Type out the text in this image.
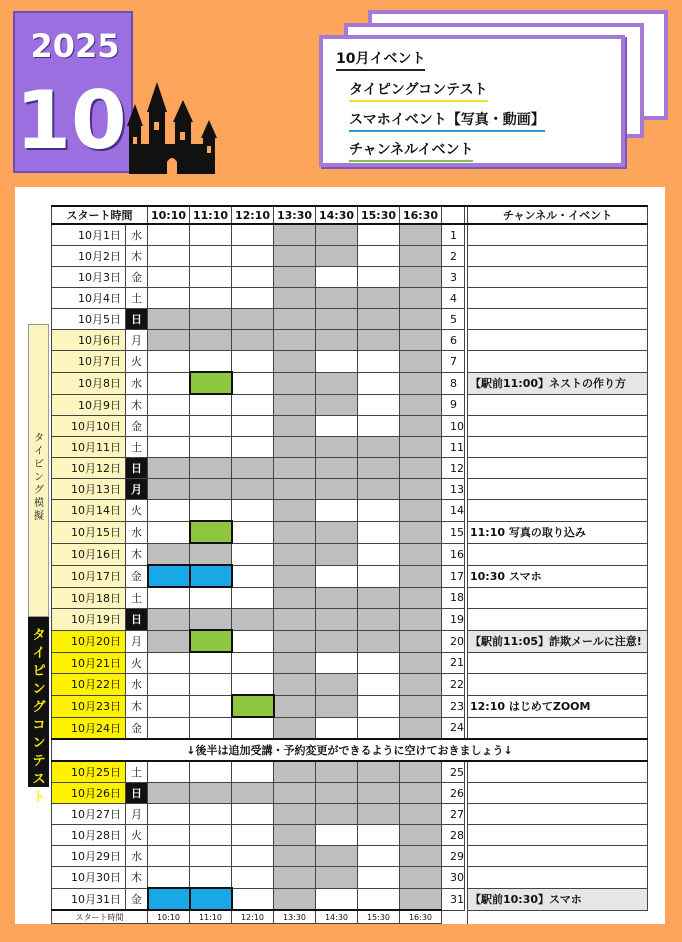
2025
10
10月イベント
タイピングコンテスト
スマホイベント【写真・動画】
チャンネルイベント
タイピング模擬
タイピングコンテスト
スタート時間		10:10	11:10	12:10	13:30	14:30	15:30	16:30			チャンネル・イベント
10月1日	水								1		
10月2日	木								2		
10月3日	金								3		
10月4日	土								4		
10月5日	日								5		
10月6日	月								6		
10月7日	火								7		
10月8日	水								8		【駅前11:00】ネストの作り方
10月9日	木								9		
10月10日	金								10		
10月11日	土								11		
10月12日	日								12		
10月13日	月								13		
10月14日	火								14		
10月15日	水								15		11:10 写真の取り込み
10月16日	木								16		
10月17日	金								17		10:30 スマホ
10月18日	土								18		
10月19日	日								19		
10月20日	月								20		【駅前11:05】詐欺メールに注意!
10月21日	火								21		
10月22日	水								22		
10月23日	木								23		12:10 はじめてZOOM
10月24日	金								24		
↓後半は追加受講・予約変更ができるように空けておきましょう↓											
10月25日	土								25		
10月26日	日								26		
10月27日	月								27		
10月28日	火								28		
10月29日	水								29		
10月30日	木								30		
10月31日	金								31		【駅前10:30】スマホ
スタート時間		10:10	11:10	12:10	13:30	14:30	15:30	16:30			
